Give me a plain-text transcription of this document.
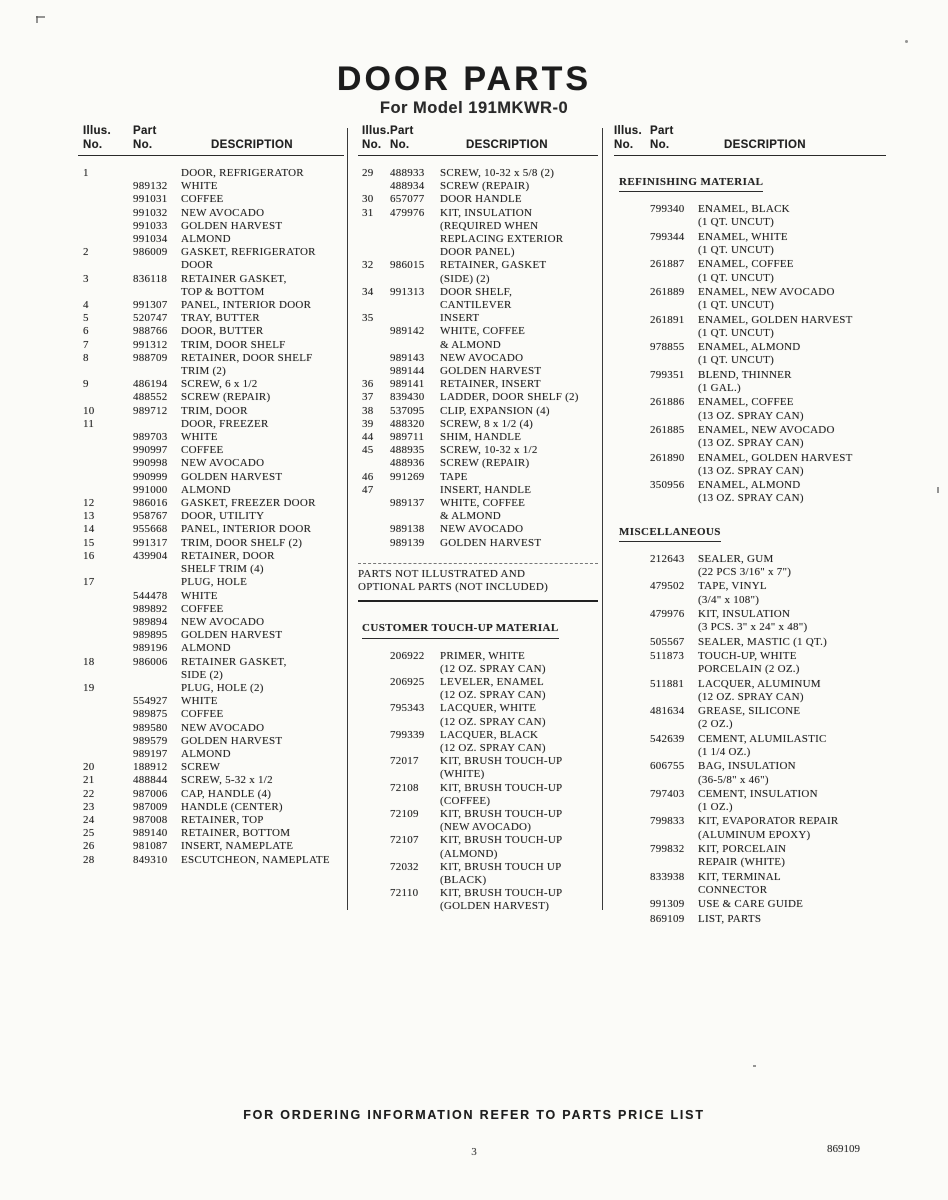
DOOR PARTS
For Model 191MKWR-0
Illus.	Part
No.	No.	DESCRIPTION
1	DOOR, REFRIGERATOR
989132	WHITE
991031	COFFEE
991032	NEW AVOCADO
991033	GOLDEN HARVEST
991034	ALMOND
2	986009	GASKET, REFRIGERATOR
DOOR
3	836118	RETAINER GASKET,
TOP & BOTTOM
4	991307	PANEL, INTERIOR DOOR
5	520747	TRAY, BUTTER
6	988766	DOOR, BUTTER
7	991312	TRIM, DOOR SHELF
8	988709	RETAINER, DOOR SHELF
TRIM (2)
9	486194	SCREW, 6 x 1/2
488552	SCREW (REPAIR)
10	989712	TRIM, DOOR
11	DOOR, FREEZER
989703	WHITE
990997	COFFEE
990998	NEW AVOCADO
990999	GOLDEN HARVEST
991000	ALMOND
12	986016	GASKET, FREEZER DOOR
13	958767	DOOR, UTILITY
14	955668	PANEL, INTERIOR DOOR
15	991317	TRIM, DOOR SHELF (2)
16	439904	RETAINER, DOOR
SHELF TRIM (4)
17	PLUG, HOLE
544478	WHITE
989892	COFFEE
989894	NEW AVOCADO
989895	GOLDEN HARVEST
989196	ALMOND
18	986006	RETAINER GASKET,
SIDE (2)
19	PLUG, HOLE (2)
554927	WHITE
989875	COFFEE
989580	NEW AVOCADO
989579	GOLDEN HARVEST
989197	ALMOND
20	188912	SCREW
21	488844	SCREW, 5-32 x 1/2
22	987006	CAP, HANDLE (4)
23	987009	HANDLE (CENTER)
24	987008	RETAINER, TOP
25	989140	RETAINER, BOTTOM
26	981087	INSERT, NAMEPLATE
28	849310	ESCUTCHEON, NAMEPLATE
Illus. Part
No. No.	DESCRIPTION
29	488933	SCREW, 10-32 x 5/8 (2)
488934	SCREW (REPAIR)
30	657077	DOOR HANDLE
31	479976	KIT, INSULATION
(REQUIRED WHEN
REPLACING EXTERIOR
DOOR PANEL)
32	986015	RETAINER, GASKET
(SIDE) (2)
34	991313	DOOR SHELF,
CANTILEVER
35	INSERT
989142	WHITE, COFFEE
& ALMOND
989143	NEW AVOCADO
989144	GOLDEN HARVEST
36	989141	RETAINER, INSERT
37	839430	LADDER, DOOR SHELF (2)
38	537095	CLIP, EXPANSION (4)
39	488320	SCREW, 8 x 1/2 (4)
44	989711	SHIM, HANDLE
45	488935	SCREW, 10-32 x 1/2
488936	SCREW (REPAIR)
46	991269	TAPE
47	INSERT, HANDLE
989137	WHITE, COFFEE
& ALMOND
989138	NEW AVOCADO
989139	GOLDEN HARVEST
PARTS NOT ILLUSTRATED AND
OPTIONAL PARTS (NOT INCLUDED)
CUSTOMER TOUCH-UP MATERIAL
206922	PRIMER, WHITE
(12 OZ. SPRAY CAN)
206925	LEVELER, ENAMEL
(12 OZ. SPRAY CAN)
795343	LACQUER, WHITE
(12 OZ. SPRAY CAN)
799339	LACQUER, BLACK
(12 OZ. SPRAY CAN)
72017	KIT, BRUSH TOUCH-UP
(WHITE)
72108	KIT, BRUSH TOUCH-UP
(COFFEE)
72109	KIT, BRUSH TOUCH-UP
(NEW AVOCADO)
72107	KIT, BRUSH TOUCH-UP
(ALMOND)
72032	KIT, BRUSH TOUCH UP
(BLACK)
72110	KIT, BRUSH TOUCH-UP
(GOLDEN HARVEST)
Illus. Part
No.	No.	DESCRIPTION
REFINISHING MATERIAL
799340	ENAMEL, BLACK
(1 QT. UNCUT)
799344	ENAMEL, WHITE
(1 QT. UNCUT)
261887	ENAMEL, COFFEE
(1 QT. UNCUT)
261889	ENAMEL, NEW AVOCADO
(1 QT. UNCUT)
261891	ENAMEL, GOLDEN HARVEST
(1 QT. UNCUT)
978855	ENAMEL, ALMOND
(1 QT. UNCUT)
799351	BLEND, THINNER
(1 GAL.)
261886	ENAMEL, COFFEE
(13 OZ. SPRAY CAN)
261885	ENAMEL, NEW AVOCADO
(13 OZ. SPRAY CAN)
261890	ENAMEL, GOLDEN HARVEST
(13 OZ. SPRAY CAN)
350956	ENAMEL, ALMOND
(13 OZ. SPRAY CAN)
MISCELLANEOUS
212643	SEALER, GUM
(22 PCS 3/16" x 7")
479502	TAPE, VINYL
(3/4" x 108")
479976	KIT, INSULATION
(3 PCS. 3" x 24" x 48")
505567	SEALER, MASTIC (1 QT.)
511873	TOUCH-UP, WHITE
PORCELAIN (2 OZ.)
511881	LACQUER, ALUMINUM
(12 OZ. SPRAY CAN)
481634	GREASE, SILICONE
(2 OZ.)
542639	CEMENT, ALUMILASTIC
(1 1/4 OZ.)
606755	BAG, INSULATION
(36-5/8" x 46")
797403	CEMENT, INSULATION
(1 OZ.)
799833	KIT, EVAPORATOR REPAIR
(ALUMINUM EPOXY)
799832	KIT, PORCELAIN
REPAIR (WHITE)
833938	KIT, TERMINAL
CONNECTOR
991309	USE & CARE GUIDE
869109	LIST, PARTS
FOR ORDERING INFORMATION REFER TO PARTS PRICE LIST
3	869109
